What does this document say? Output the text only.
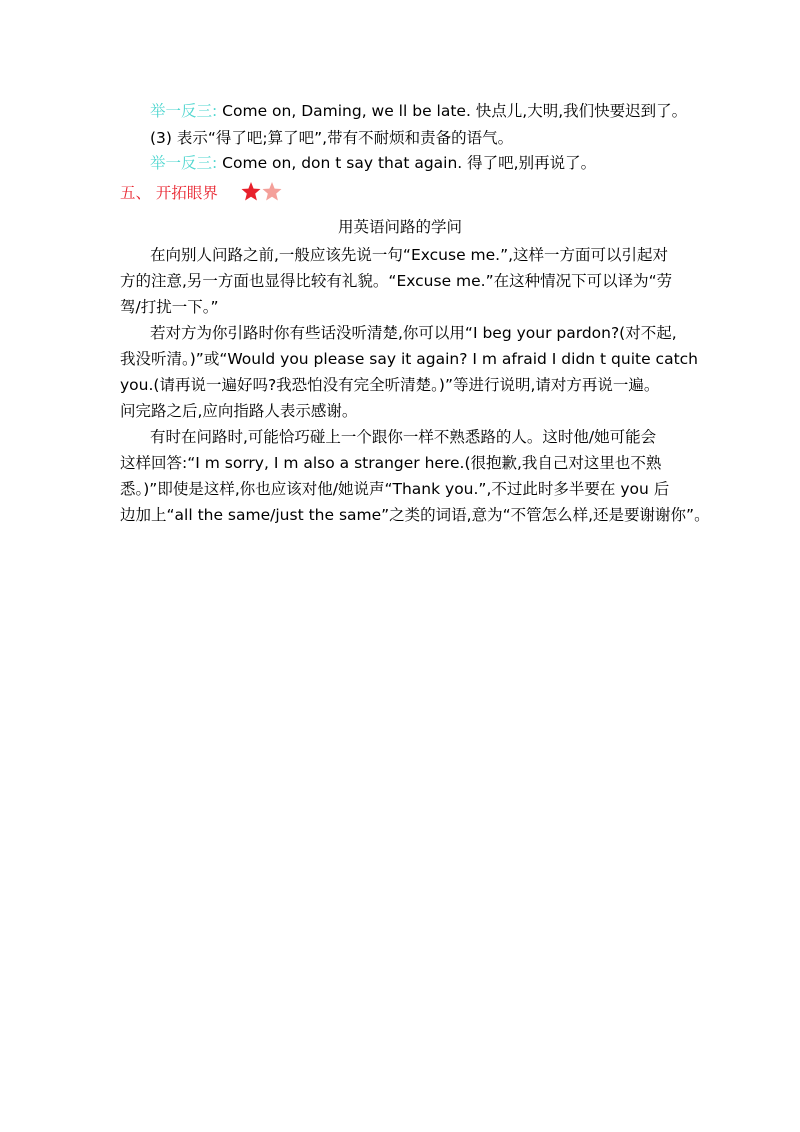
举一反三: Come on, Daming, we ll be late. 快点儿,大明,我们快要迟到了。
(3) 表示“得了吧;算了吧”,带有不耐烦和责备的语气。
举一反三: Come on, don t say that again. 得了吧,别再说了。
五、 开拓眼界
用英语问路的学问
在向别人问路之前,一般应该先说一句“Excuse me.”,这样一方面可以引起对
方的注意,另一方面也显得比较有礼貌。“Excuse me.”在这种情况下可以译为“劳
驾/打扰一下。”
若对方为你引路时你有些话没听清楚,你可以用“I beg your pardon?(对不起,
我没听清。)”或“Would you please say it again? I m afraid I didn t quite catch
you.(请再说一遍好吗?我恐怕没有完全听清楚。)”等进行说明,请对方再说一遍。
问完路之后,应向指路人表示感谢。
有时在问路时,可能恰巧碰上一个跟你一样不熟悉路的人。这时他/她可能会
这样回答:“I m sorry, I m also a stranger here.(很抱歉,我自己对这里也不熟
悉。)”即使是这样,你也应该对他/她说声“Thank you.”,不过此时多半要在 you 后
边加上“all the same/just the same”之类的词语,意为“不管怎么样,还是要谢谢你”。
